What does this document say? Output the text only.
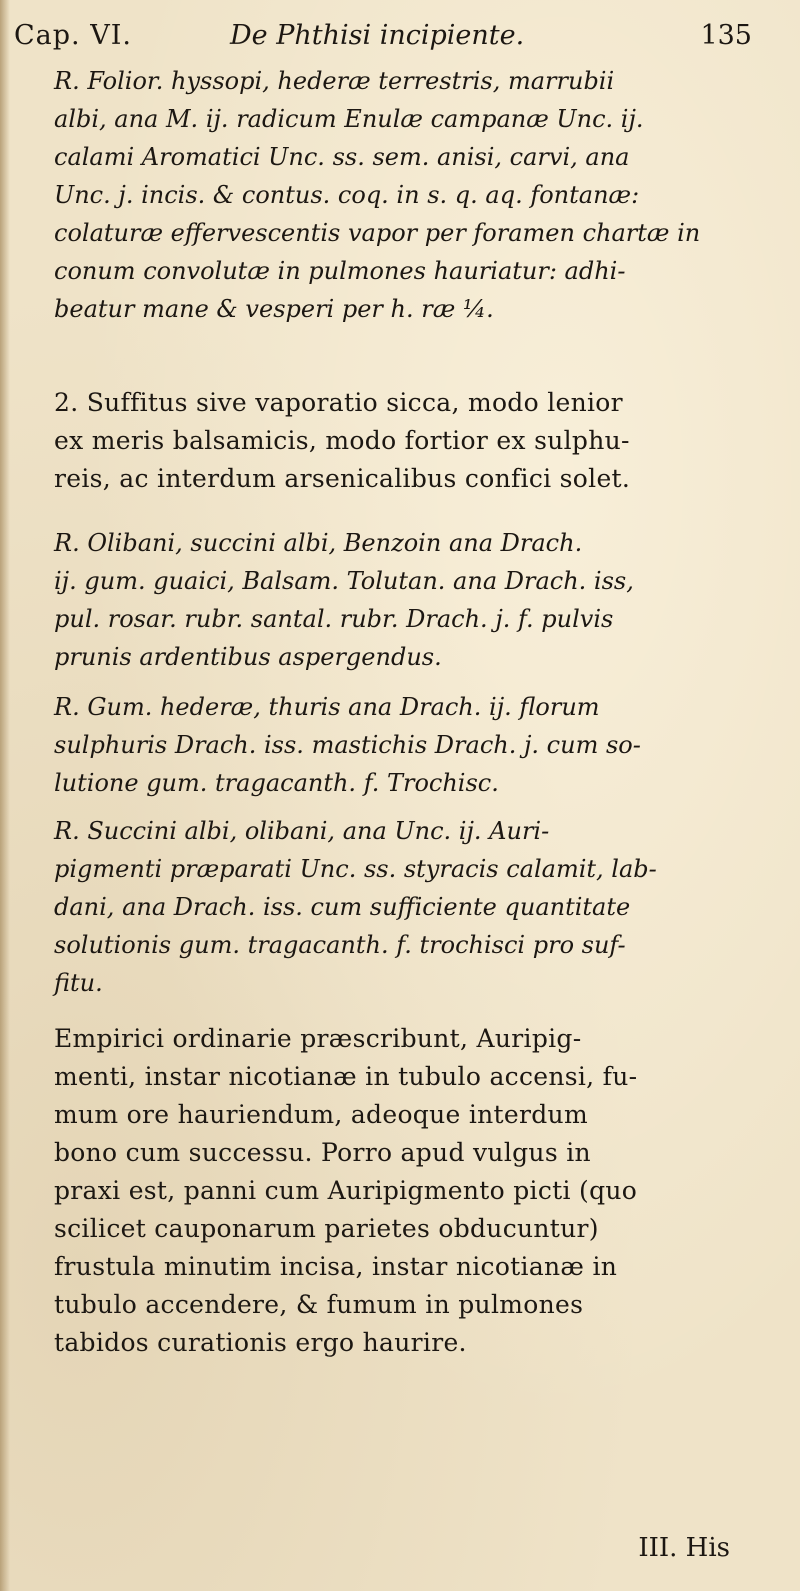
Cap. VI.	De Phthisi incipiente.	135
R. Folior. hyssopi, hederæ terrestris, marrubii
albi, ana M. ij. radicum Enulæ campanæ Unc. ij.
calami Aromatici Unc. ss. sem. anisi, carvi, ana
Unc. j. incis. & contus. coq. in s. q. aq. fontanæ:
colaturæ effervescentis vapor per foramen chartæ in
conum convolutæ in pulmones hauriatur: adhi-
beatur mane & vesperi per h. ræ ¼.
2. Suffitus sive vaporatio sicca, modo lenior
ex meris balsamicis, modo fortior ex sulphu-
reis, ac interdum arsenicalibus confici solet.
R. Olibani, succini albi, Benzoin ana Drach.
ij. gum. guaici, Balsam. Tolutan. ana Drach. iss,
pul. rosar. rubr. santal. rubr. Drach. j. f. pulvis
prunis ardentibus aspergendus.
R. Gum. hederæ, thuris ana Drach. ij. florum
sulphuris Drach. iss. mastichis Drach. j. cum so-
lutione gum. tragacanth. f. Trochisc.
R. Succini albi, olibani, ana Unc. ij. Auri-
pigmenti præparati Unc. ss. styracis calamit, lab-
dani, ana Drach. iss. cum sufficiente quantitate
solutionis gum. tragacanth. f. trochisci pro suf-
fitu.
Empirici ordinarie præscribunt, Auripig-
menti, instar nicotianæ in tubulo accensi, fu-
mum ore hauriendum, adeoque interdum
bono cum successu. Porro apud vulgus in
praxi est, panni cum Auripigmento picti (quo
scilicet cauponarum parietes obducuntur)
frustula minutim incisa, instar nicotianæ in
tubulo accendere, & fumum in pulmones
tabidos curationis ergo haurire.
III. His
